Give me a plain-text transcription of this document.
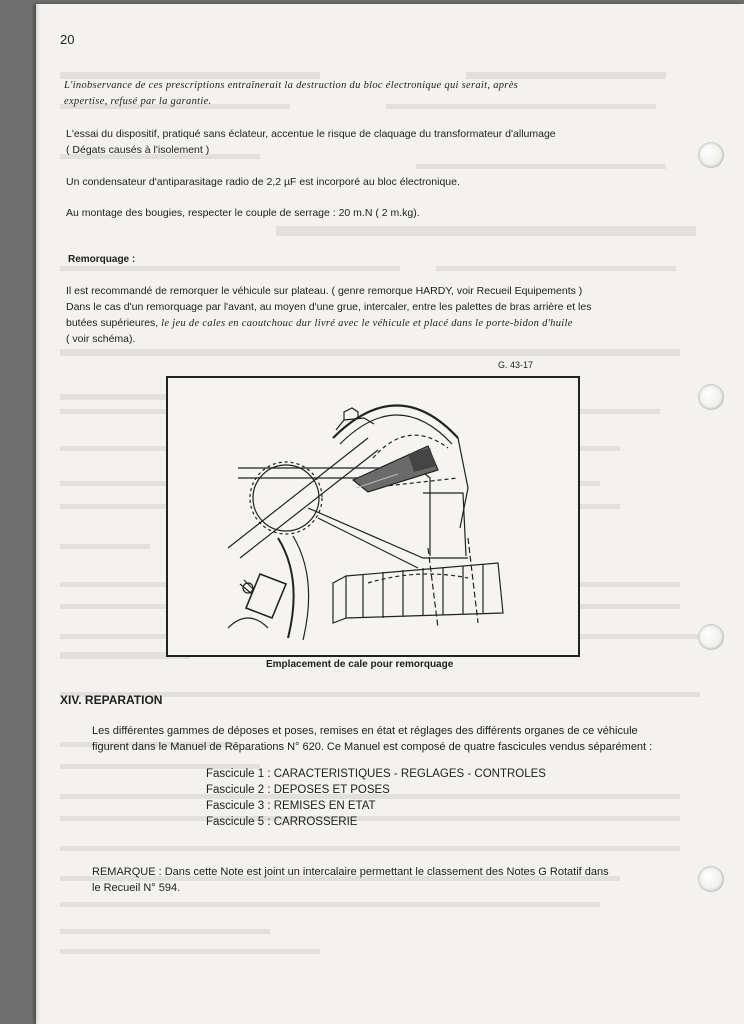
20
L'inobservance de ces prescriptions entraînerait la destruction du bloc électronique qui serait, après
expertise, refusé par la garantie.
L'essai du dispositif, pratiqué sans éclateur, accentue le risque de claquage du transformateur d'allumage
( Dégats causés à l'isolement )
Un condensateur d'antiparasitage radio de 2,2 µF est incorporé au bloc électronique.
Au montage des bougies, respecter le couple de serrage : 20 m.N ( 2 m.kg).
Remorquage :
Il est recommandé de remorquer le véhicule sur plateau. ( genre remorque HARDY, voir Recueil Equipements )
Dans le cas d'un remorquage par l'avant, au moyen d'une grue, intercaler, entre les palettes de bras arrière et les
butées supérieures, le jeu de cales en caoutchouc dur livré avec le véhicule et placé dans le porte-bidon d'huile
( voir schéma).
G. 43-17
Emplacement de cale pour remorquage
XIV. REPARATION
Les différentes gammes de déposes et poses, remises en état et réglages des différents organes de ce véhicule
figurent dans le Manuel de Réparations N° 620. Ce Manuel est composé de quatre fascicules vendus séparément :
Fascicule 1 : CARACTERISTIQUES - REGLAGES - CONTROLES
Fascicule 2 : DEPOSES ET POSES
Fascicule 3 : REMISES EN ETAT
Fascicule 5 : CARROSSERIE
REMARQUE : Dans cette Note est joint un intercalaire permettant le classement des Notes G Rotatif dans
le Recueil N° 594.
